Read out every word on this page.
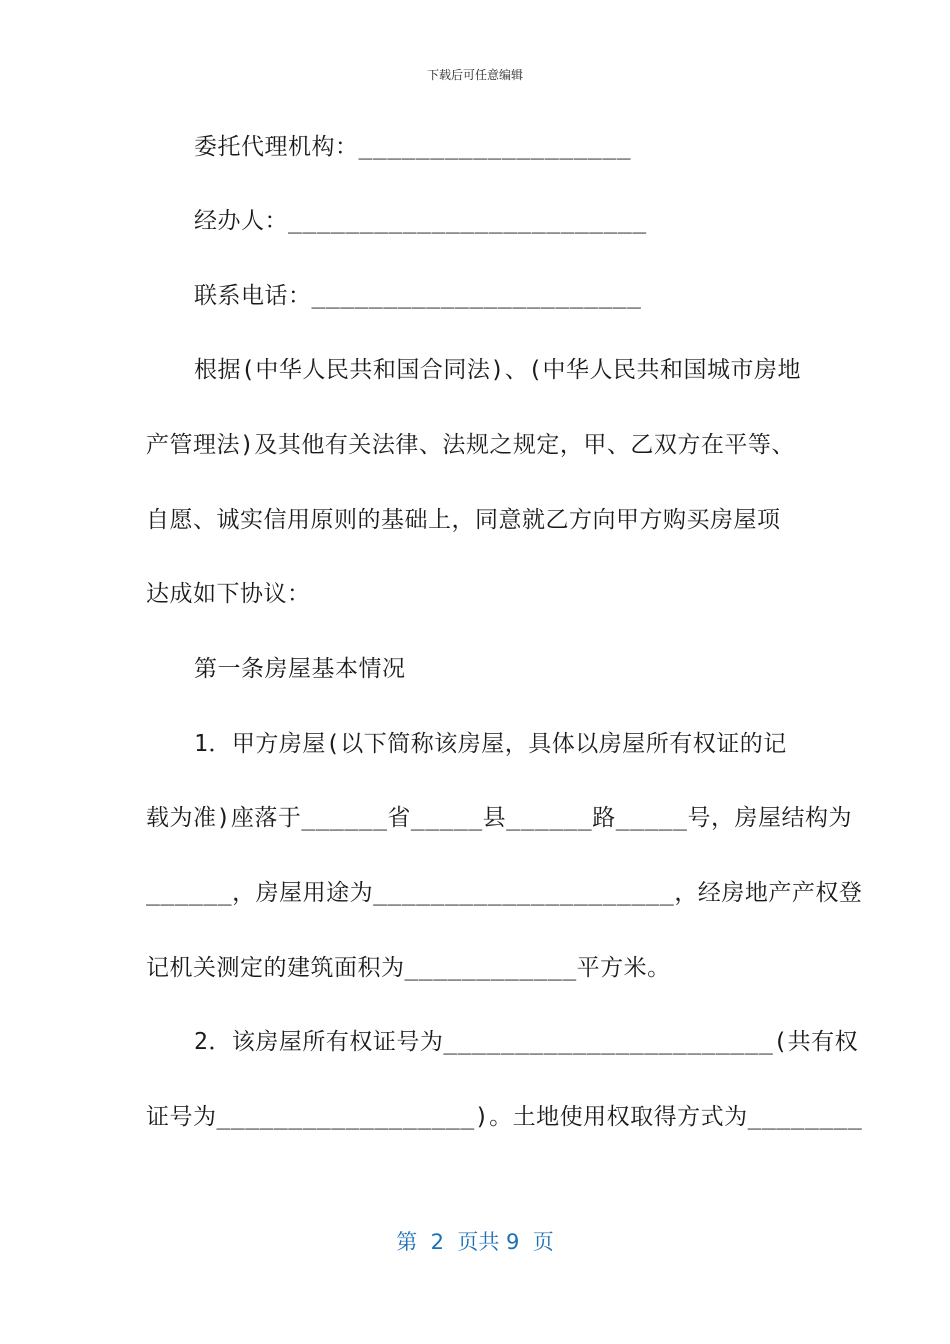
下载后可任意编辑
委托代理机构：___________________
经办人：_________________________
联系电话：_______________________
根据(中华人民共和国合同法)、(中华人民共和国城市房地
产管理法)及其他有关法律、法规之规定，甲、乙双方在平等、
自愿、诚实信用原则的基础上，同意就乙方向甲方购买房屋项
达成如下协议：
第一条房屋基本情况
1．甲方房屋(以下简称该房屋，具体以房屋所有权证的记
载为准)座落于______省_____县______路_____号，房屋结构为
______，房屋用途为_____________________，经房地产产权登
记机关测定的建筑面积为____________平方米。
2．该房屋所有权证号为_______________________(共有权
证号为__________________)。土地使用权取得方式为________
第  2  页共 9  页
